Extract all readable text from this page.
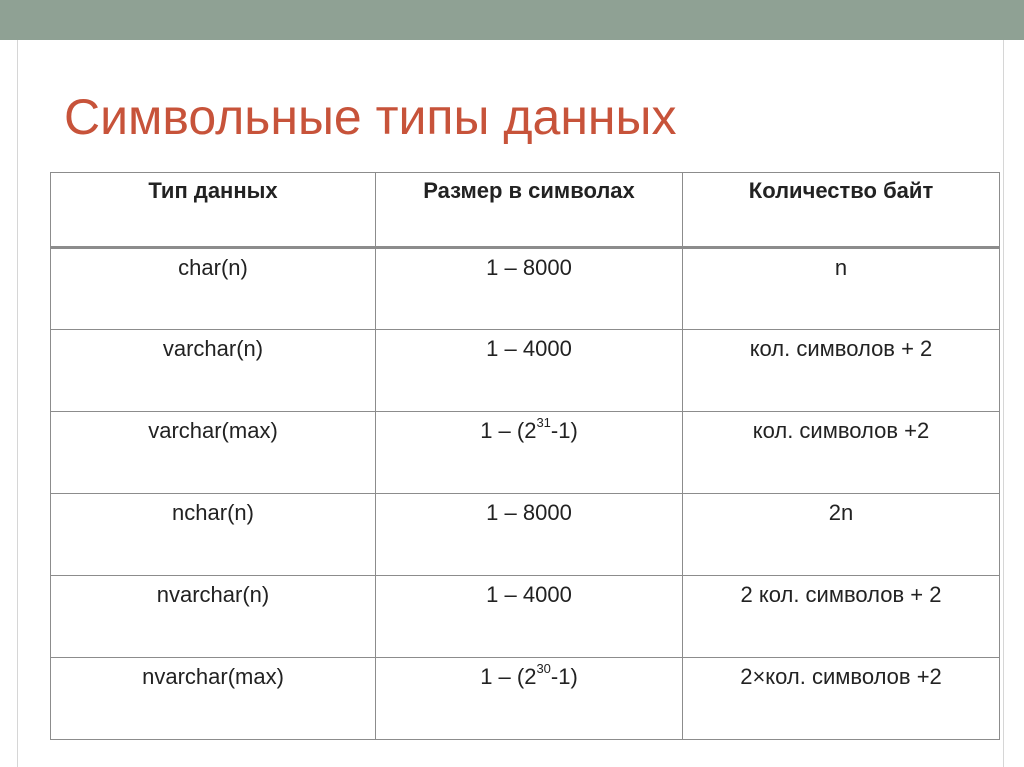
Символьные типы данных
Тип данных	Размер в символах	Количество байт
char(n)	1 – 8000	n
varchar(n)	1 – 4000	кол. символов + 2
varchar(max)	$1 - (2^{31}-1)$	кол. символов +2
nchar(n)	1 – 8000	2n
nvarchar(n)	1 – 4000	2 кол. символов + 2
nvarchar(max)	$1 - (2^{30}-1)$	2×кол. символов +2
